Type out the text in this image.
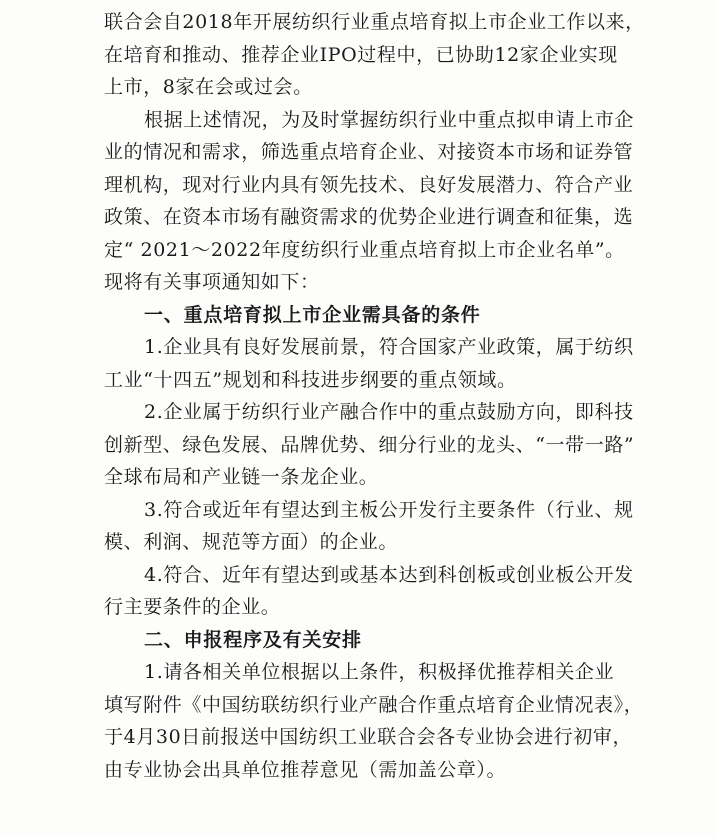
联合会自2018年开展纺织行业重点培育拟上市企业工作以来，

在培育和推动、推荐企业IPO过程中，已协助12家企业实现

上市，8家在会或过会。

根据上述情况，为及时掌握纺织行业中重点拟申请上市企

业的情况和需求，筛选重点培育企业、对接资本市场和证券管

理机构，现对行业内具有领先技术、良好发展潜力、符合产业

政策、在资本市场有融资需求的优势企业进行调查和征集，选

定“ 2021～2022年度纺织行业重点培育拟上市企业名单”。

现将有关事项通知如下：

一、重点培育拟上市企业需具备的条件

1.企业具有良好发展前景，符合国家产业政策，属于纺织

工业“十四五”规划和科技进步纲要的重点领域。

2.企业属于纺织行业产融合作中的重点鼓励方向，即科技

创新型、绿色发展、品牌优势、细分行业的龙头、“一带一路”

全球布局和产业链一条龙企业。

3.符合或近年有望达到主板公开发行主要条件（行业、规

模、利润、规范等方面）的企业。

4.符合、近年有望达到或基本达到科创板或创业板公开发

行主要条件的企业。

二、申报程序及有关安排

1.请各相关单位根据以上条件，积极择优推荐相关企业

填写附件《中国纺联纺织行业产融合作重点培育企业情况表》，

于4月30日前报送中国纺织工业联合会各专业协会进行初审，

由专业协会出具单位推荐意见（需加盖公章）。
